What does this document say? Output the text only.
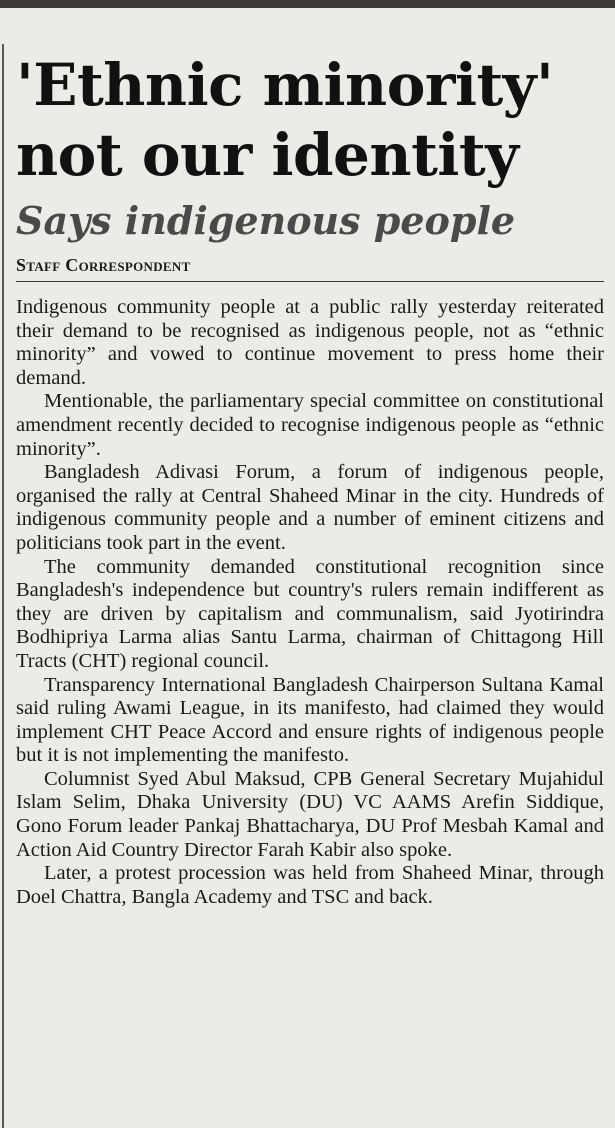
'Ethnic minority'
not our identity
Says indigenous people
Staff Correspondent

Indigenous community people at a public rally yesterday reiterated their demand to be recognised as indigenous people, not as “ethnic minority” and vowed to continue movement to press home their demand.

Mentionable, the parliamentary special committee on constitutional amendment recently decided to recognise indigenous people as “ethnic minority”.

Bangladesh Adivasi Forum, a forum of indigenous people, organised the rally at Central Shaheed Minar in the city. Hundreds of indigenous community people and a number of eminent citizens and politicians took part in the event.

The community demanded constitutional recognition since Bangladesh's independence but country's rulers remain indifferent as they are driven by capitalism and communalism, said Jyotirindra Bodhipriya Larma alias Santu Larma, chairman of Chittagong Hill Tracts (CHT) regional council.

Transparency International Bangladesh Chairperson Sultana Kamal said ruling Awami League, in its manifesto, had claimed they would implement CHT Peace Accord and ensure rights of indigenous people but it is not implementing the manifesto.

Columnist Syed Abul Maksud, CPB General Secretary Mujahidul Islam Selim, Dhaka University (DU) VC AAMS Arefin Siddique, Gono Forum leader Pankaj Bhattacharya, DU Prof Mesbah Kamal and Action Aid Country Director Farah Kabir also spoke.

Later, a protest procession was held from Shaheed Minar, through Doel Chattra, Bangla Academy and TSC and back.
